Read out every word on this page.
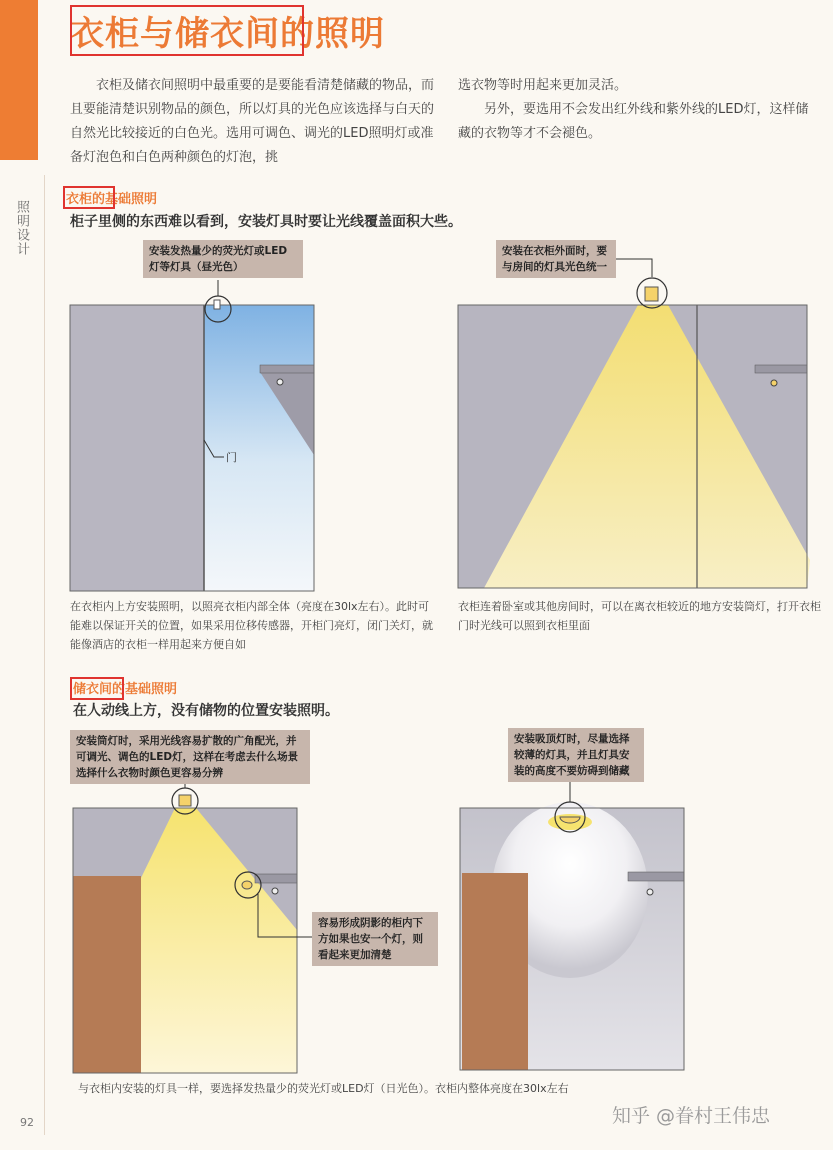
照明设计
衣柜与储衣间的照明

衣柜及储衣间照明中最重要的是要能看清楚储藏的物品，而且要能清楚识别物品的颜色，所以灯具的光色应该选择与白天的自然光比较接近的白色光。选用可调色、调光的LED照明灯或准备灯泡色和白色两种颜色的灯泡，挑

选衣物等时用起来更加灵活。

另外，要选用不会发出红外线和紫外线的LED灯，这样储藏的衣物等才不会褪色。

衣柜的基础照明
柜子里侧的东西难以看到，安装灯具时要让光线覆盖面积大些。
安装发热量少的荧光灯或LED灯等灯具（昼光色）
门
安装在衣柜外面时，要与房间的灯具光色统一
在衣柜内上方安装照明，以照亮衣柜内部全体（亮度在30lx左右）。此时可能难以保证开关的位置，如果采用位移传感器，开柜门亮灯，闭门关灯，就能像酒店的衣柜一样用起来方便自如
衣柜连着卧室或其他房间时，可以在离衣柜较近的地方安装筒灯，打开衣柜门时光线可以照到衣柜里面
储衣间的基础照明
在人动线上方，没有储物的位置安装照明。
安装筒灯时，采用光线容易扩散的广角配光，并可调光、调色的LED灯，这样在考虑去什么场景选择什么衣物时颜色更容易分辨
容易形成阴影的柜内下方如果也安一个灯，则看起来更加清楚
安装吸顶灯时，尽量选择较薄的灯具，并且灯具安装的高度不要妨碍到储藏
与衣柜内安装的灯具一样，要选择发热量少的荧光灯或LED灯（日光色）。衣柜内整体亮度在30lx左右
92	知乎 @眷村王伟忠
